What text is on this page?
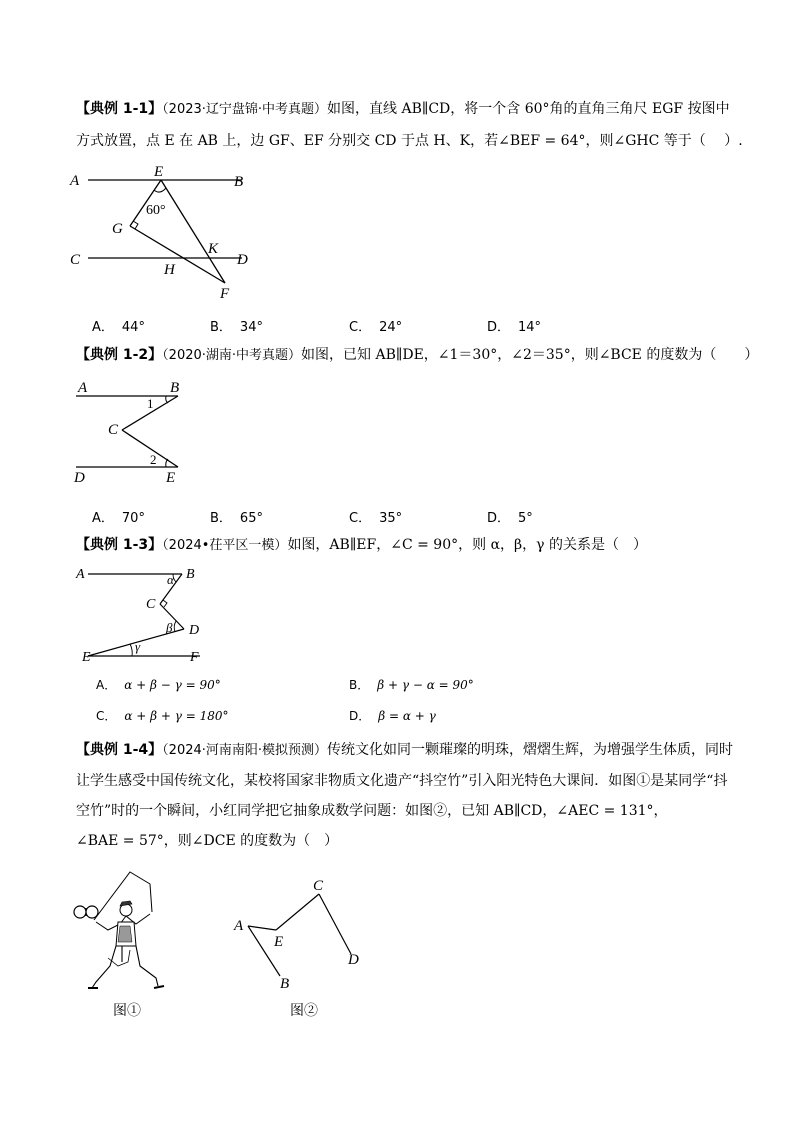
【典例 1-1】（2023·辽宁盘锦·中考真题）如图，直线 AB∥CD，将一个含 60°角的直角三角尺 EGF 按图中
方式放置，点 E 在 AB 上，边 GF、EF 分别交 CD 于点 H、K，若∠BEF = 64°，则∠GHC 等于（　 ）.
A	B
E
60°
G
C	D
K
H
F
A． 44°	B． 34°	C． 24°	D． 14°
【典例 1-2】（2020·湖南·中考真题）如图，已知 AB∥DE，∠1＝30°，∠2＝35°，则∠BCE 的度数为（　　）
A	B
1
C
2
D	E
A． 70°	B． 65°	C． 35°	D． 5°
【典例 1-3】（2024•茌平区一模）如图，AB∥EF，∠C = 90°，则 α，β，γ 的关系是（　）
A	B
α
C
β D
γ
E	F
A． α + β − γ = 90°	B． β + γ − α = 90°
C． α + β + γ = 180°	D． β = α + γ
【典例 1-4】（2024·河南南阳·模拟预测）传统文化如同一颗璀璨的明珠，熠熠生辉，为增强学生体质，同时
让学生感受中国传统文化，某校将国家非物质文化遗产“抖空竹”引入阳光特色大课间．如图①是某同学“抖
空竹”时的一个瞬间，小红同学把它抽象成数学问题：如图②，已知 AB∥CD，∠AEC = 131°，
∠BAE = 57°，则∠DCE 的度数为（　）
图①
A
E
C
D
B
图②
